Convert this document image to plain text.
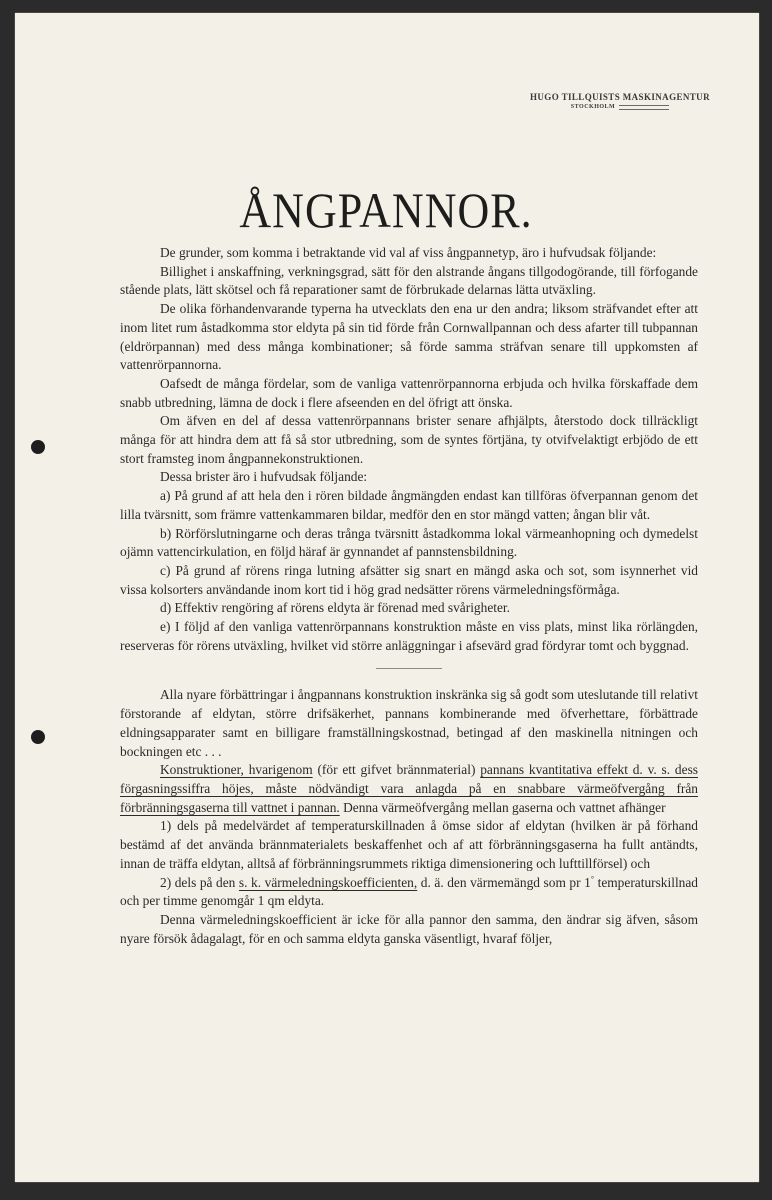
HUGO TILLQUISTS MASKINAGENTUR
STOCKHOLM
ÅNGPANNOR.

De grunder, som komma i betraktande vid val af viss ångpannetyp, äro i hufvudsak följande:

Billighet i anskaffning, verkningsgrad, sätt för den alstrande ångans tillgodogörande, till förfogande stående plats, lätt skötsel och få reparationer samt de förbrukade delarnas lätta utväxling.

De olika förhandenvarande typerna ha utvecklats den ena ur den andra; liksom sträfvandet efter att inom litet rum åstadkomma stor eldyta på sin tid förde från Cornwallpannan och dess afarter till tubpannan (eldrörpannan) med dess många kombinationer; så förde samma sträfvan senare till uppkomsten af vattenrörpannorna.

Oafsedt de många fördelar, som de vanliga vattenrörpannorna erbjuda och hvilka förskaffade dem snabb utbredning, lämna de dock i flere afseenden en del öfrigt att önska.

Om äfven en del af dessa vattenrörpannans brister senare afhjälpts, återstodo dock tillräckligt många för att hindra dem att få så stor utbredning, som de syntes förtjäna, ty otvifvelaktigt erbjödo de ett stort framsteg inom ångpannekonstruktionen.

Dessa brister äro i hufvudsak följande:

a) På grund af att hela den i rören bildade ångmängden endast kan tillföras öfverpannan genom det lilla tvärsnitt, som främre vattenkammaren bildar, medför den en stor mängd vatten; ångan blir våt.

b) Rörförslutningarne och deras trånga tvärsnitt åstadkomma lokal värmeanhopning och dymedelst ojämn vattencirkulation, en följd häraf är gynnandet af pannstensbildning.

c) På grund af rörens ringa lutning afsätter sig snart en mängd aska och sot, som isynnerhet vid vissa kolsorters användande inom kort tid i hög grad nedsätter rörens värmeledningsförmåga.

d) Effektiv rengöring af rörens eldyta är förenad med svårigheter.

e) I följd af den vanliga vattenrörpannans konstruktion måste en viss plats, minst lika rörlängden, reserveras för rörens utväxling, hvilket vid större anläggningar i afsevärd grad fördyrar tomt och byggnad.

Alla nyare förbättringar i ångpannans konstruktion inskränka sig så godt som uteslutande till relativt förstorande af eldytan, större drifsäkerhet, pannans kombinerande med öfverhettare, förbättrade eldningsapparater samt en billigare framställningskostnad, betingad af den maskinella nitningen och bockningen etc . . .

Konstruktioner, hvarigenom (för ett gifvet brännmaterial) pannans kvantitativa effekt d. v. s. dess förgasningssiffra höjes, måste nödvändigt vara anlagda på en snabbare värmeöfvergång från förbränningsgaserna till vattnet i pannan. Denna värmeöfvergång mellan gaserna och vattnet afhänger

1) dels på medelvärdet af temperaturskillnaden å ömse sidor af eldytan (hvilken är på förhand bestämd af det använda brännmaterialets beskaffenhet och af att förbränningsgaserna ha fullt antändts, innan de träffa eldytan, alltså af förbränningsrummets riktiga dimensionering och lufttillförsel) och

2) dels på den s. k. värmeledningskoefficienten, d. ä. den värmemängd som pr 1° temperaturskillnad och per timme genomgår 1 qm eldyta.

Denna värmeledningskoefficient är icke för alla pannor den samma, den ändrar sig äfven, såsom nyare försök ådagalagt, för en och samma eldyta ganska väsentligt, hvaraf följer,
